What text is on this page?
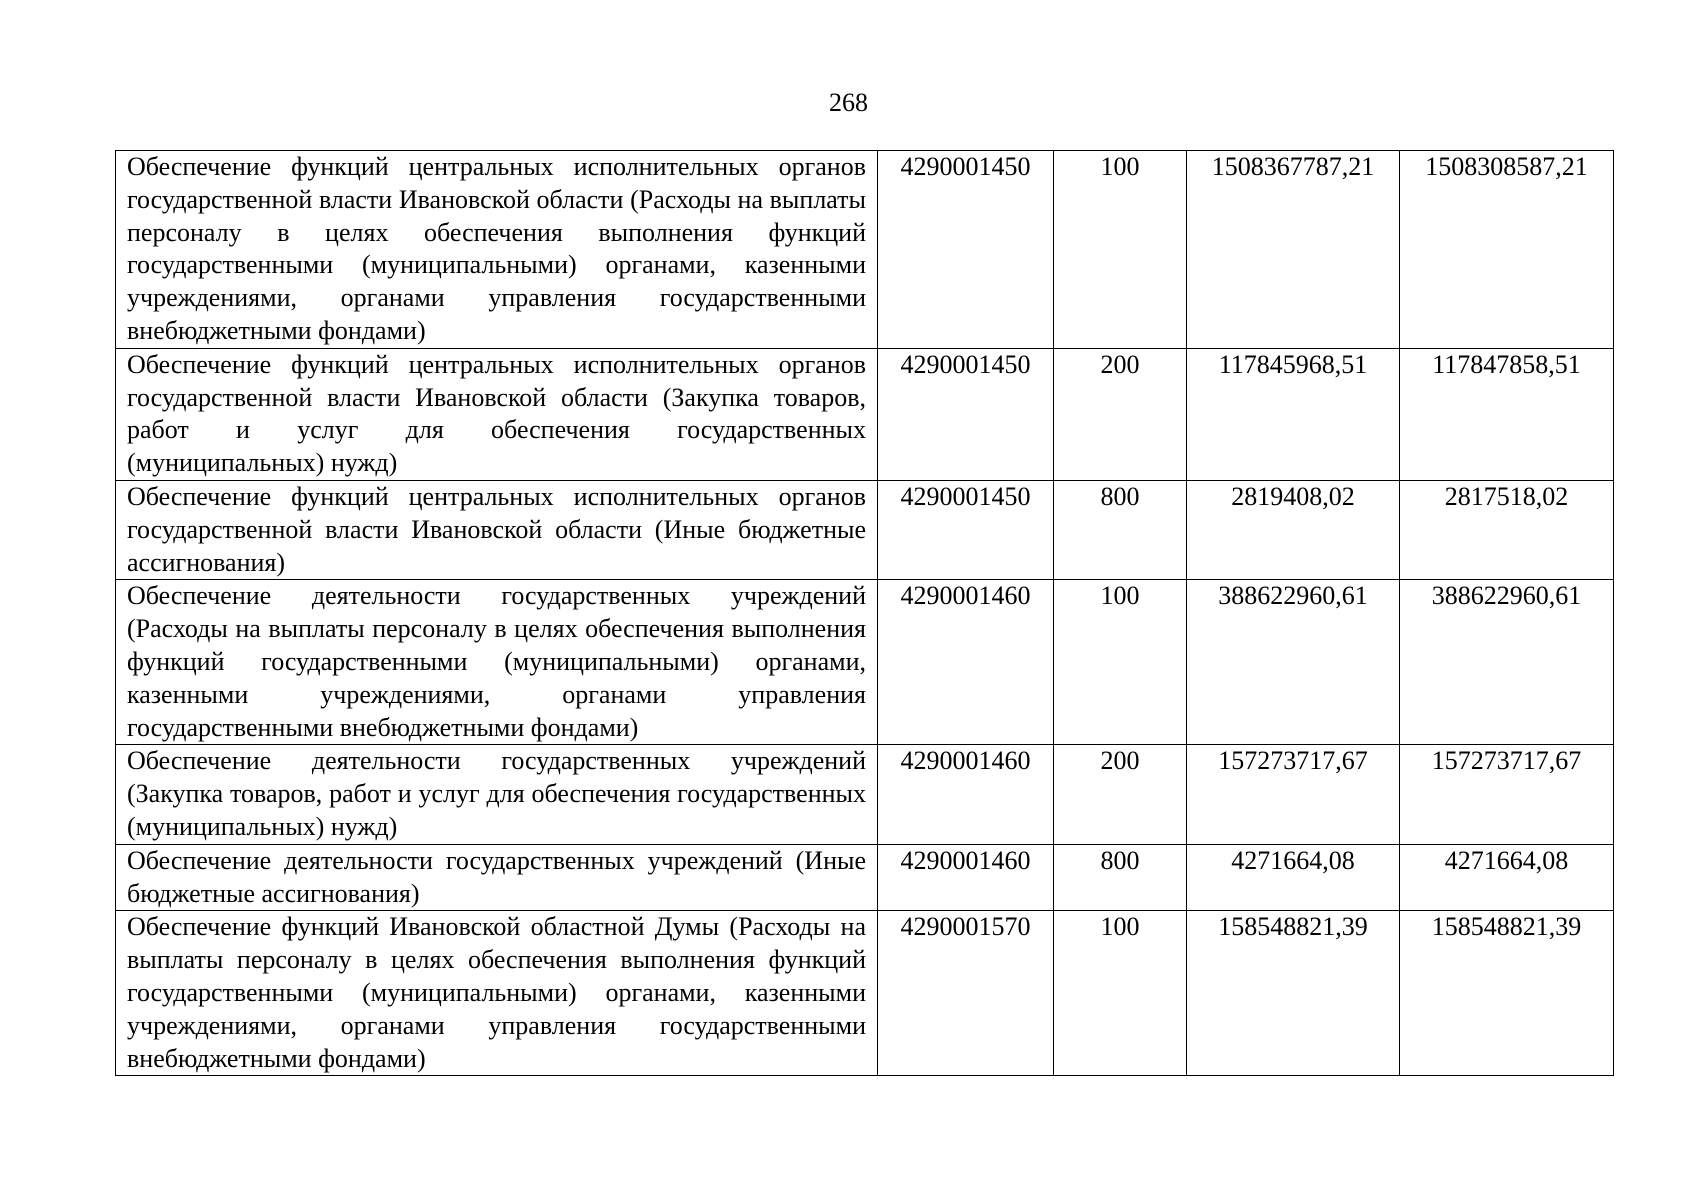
268
Обеспечение функций центральных исполнительных органов государственной власти Ивановской области (Расходы на выплаты персоналу в целях обеспечения выполнения функций государственными (муниципальными) органами, казенными учреждениями, органами управления государственными внебюджетными фондами)	4290001450	100	1508367787,21	1508308587,21
Обеспечение функций центральных исполнительных органов государственной власти Ивановской области (Закупка товаров, работ и услуг для обеспечения государственных (муниципальных) нужд)	4290001450	200	117845968,51	117847858,51
Обеспечение функций центральных исполнительных органов государственной власти Ивановской области (Иные бюджетные ассигнования)	4290001450	800	2819408,02	2817518,02
Обеспечение деятельности государственных учреждений (Расходы на выплаты персоналу в целях обеспечения выполнения функций государственными (муниципальными) органами, казенными учреждениями, органами управления государственными внебюджетными фондами)	4290001460	100	388622960,61	388622960,61
Обеспечение деятельности государственных учреждений (Закупка товаров, работ и услуг для обеспечения государственных (муниципальных) нужд)	4290001460	200	157273717,67	157273717,67
Обеспечение деятельности государственных учреждений (Иные бюджетные ассигнования)	4290001460	800	4271664,08	4271664,08
Обеспечение функций Ивановской областной Думы (Расходы на выплаты персоналу в целях обеспечения выполнения функций государственными (муниципальными) органами, казенными учреждениями, органами управления государственными внебюджетными фондами)	4290001570	100	158548821,39	158548821,39
